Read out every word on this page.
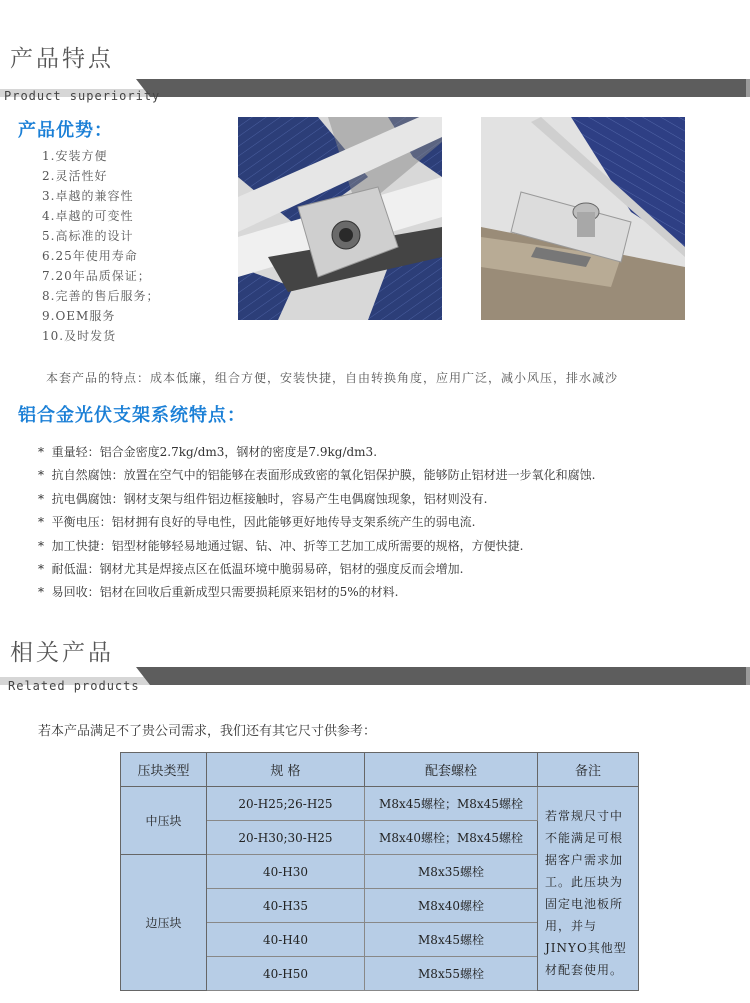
产品特点
Product superiority
产品优势：
1.安装方便
2.灵活性好
3.卓越的兼容性
4.卓越的可变性
5.高标准的设计
6.25年使用寿命
7.20年品质保证；
8.完善的售后服务；
9.OEM服务
10.及时发货
本套产品的特点：成本低廉，组合方便，安装快捷，自由转换角度，应用广泛，减小风压，排水减沙
铝合金光伏支架系统特点：
* 重量轻：铝合金密度2.7kg/dm3，钢材的密度是7.9kg/dm3.
* 抗自然腐蚀：放置在空气中的铝能够在表面形成致密的氧化铝保护膜，能够防止铝材进一步氧化和腐蚀.
* 抗电偶腐蚀：钢材支架与组件铝边框接触时，容易产生电偶腐蚀现象，铝材则没有.
* 平衡电压：铝材拥有良好的导电性，因此能够更好地传导支架系统产生的弱电流.
* 加工快捷：铝型材能够轻易地通过锯、钻、冲、折等工艺加工成所需要的规格，方便快捷.
* 耐低温：钢材尤其是焊接点区在低温环境中脆弱易碎，铝材的强度反而会增加.
* 易回收：铝材在回收后重新成型只需要损耗原来铝材的5%的材料.
相关产品
Related products
若本产品满足不了贵公司需求，我们还有其它尺寸供参考：
压块类型	规 格	配套螺栓	备注
中压块	20-H25;26-H25	M8x45螺栓；M8x45螺栓	若常规尺寸中不能满足可根据客户需求加工。此压块为固定电池板所用，并与JINYO其他型材配套使用。
	20-H30;30-H25	M8x40螺栓；M8x45螺栓	
边压块	40-H30	M8x35螺栓	
	40-H35	M8x40螺栓	
	40-H40	M8x45螺栓	
	40-H50	M8x55螺栓	
